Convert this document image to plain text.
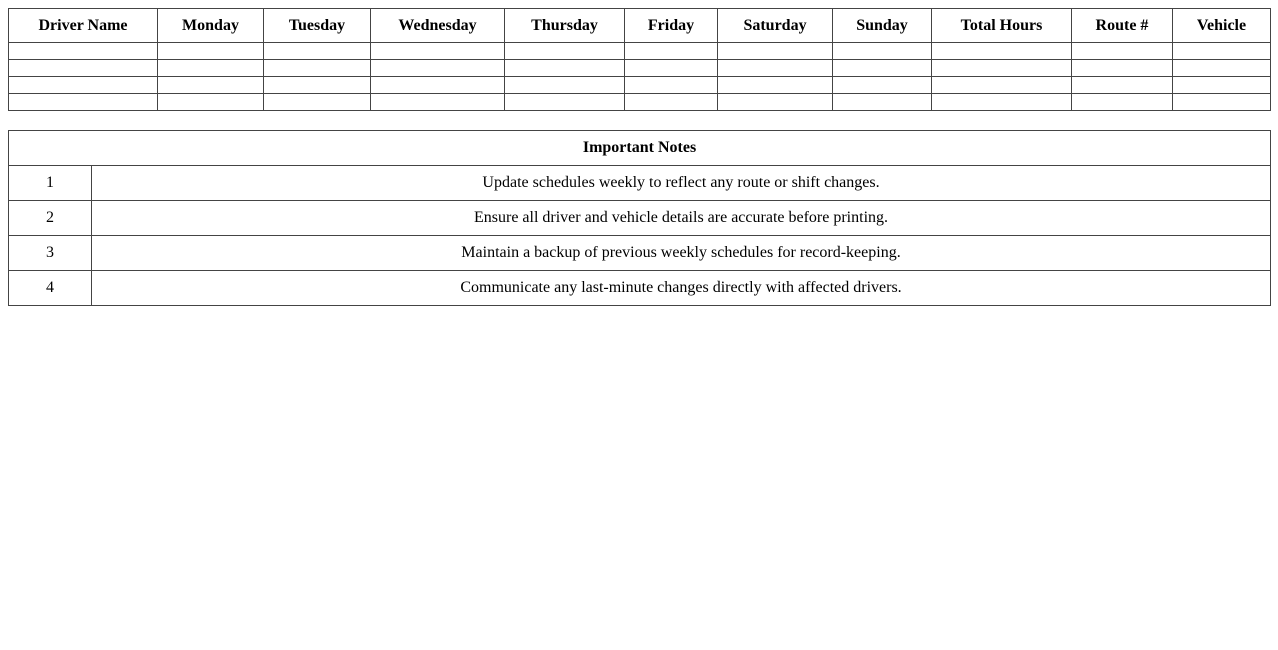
Driver Name	Monday	Tuesday	Wednesday	Thursday	Friday	Saturday	Sunday	Total Hours	Route #	Vehicle

Important Notes	
1	Update schedules weekly to reflect any route or shift changes.
2	Ensure all driver and vehicle details are accurate before printing.
3	Maintain a backup of previous weekly schedules for record-keeping.
4	Communicate any last-minute changes directly with affected drivers.
